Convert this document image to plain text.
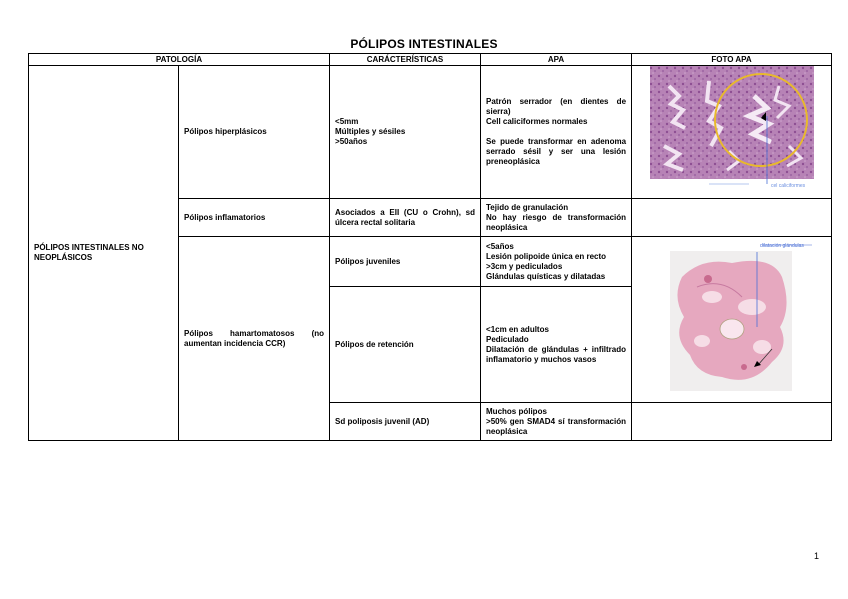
PÓLIPOS INTESTINALES
PATOLOGÍA		CARÁCTERÍSTICAS	APA	FOTO APA
PÓLIPOS INTESTINALES NO NEOPLÁSICOS	Pólipos hiperplásicos	<5mm
Múltiples y sésiles
>50años	Patrón serrador (en dientes de sierra)
Cell caliciformes normales
Se puede transformar en adenoma serrado sésil y ser una lesión preneoplásica	cel caliciformes

	Pólipos inflamatorios	Asociados a EII (CU o Crohn), sd úlcera rectal solitaria	Tejido de granulación
No hay riesgo de transformación neoplásica	

	Pólipos hamartomatosos (no aumentan incidencia CCR)	Pólipos juveniles	<5años
Lesión polipoide única en recto
>3cm y pediculados
Glándulas quísticas y dilatadas	dilatación glándulas

		Pólipos de retención	<1cm en adultos
Pediculado
Dilatación de glándulas + infiltrado inflamatorio y muchos vasos	

		Sd poliposis juvenil (AD)	Muchos pólipos
>50% gen SMAD4 sí transformación neoplásica	

1
